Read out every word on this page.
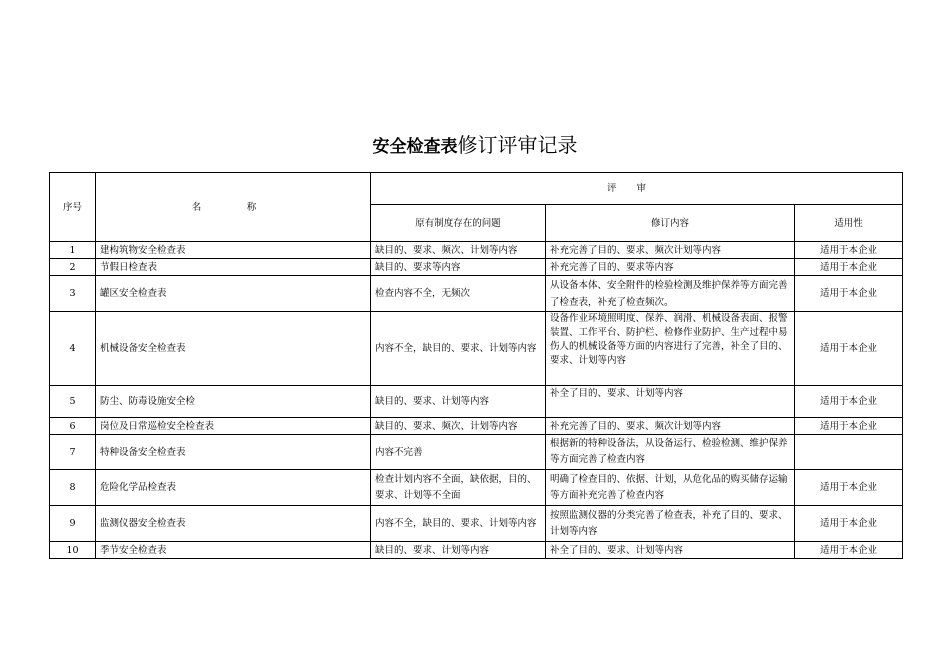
安全检查表修订评审记录
序号	名　称	评审		
		原有制度存在的问题	修订内容	适用性
1	建构筑物安全检查表	缺目的、要求、频次、计划等内容	补充完善了目的、要求、频次计划等内容	适用于本企业
2	节假日检查表	缺目的、要求等内容	补充完善了目的、要求等内容	适用于本企业
3	罐区安全检查表	检查内容不全，无频次	从设备本体、安全附件的检验检测及维护保养等方面完善了检查表，补充了检查频次。	适用于本企业
4	机械设备安全检查表	内容不全，缺目的、要求、计划等内容	设备作业环境照明度、保养、润滑、机械设备表面、报警装置、工作平台、防护栏、检修作业防护、生产过程中易伤人的机械设备等方面的内容进行了完善，补全了目的、要求、计划等内容	适用于本企业
5	防尘、防毒设施安全检	缺目的、要求、计划等内容	补全了目的、要求、计划等内容	适用于本企业
6	岗位及日常巡检安全检查表	缺目的、要求、频次、计划等内容	补充完善了目的、要求、频次计划等内容	适用于本企业
7	特种设备安全检查表	内容不完善	根据新的特种设备法，从设备运行、检验检测、维护保养等方面完善了检查内容	
8	危险化学品检查表	检查计划内容不全面，缺依据，目的、要求、计划等不全面	明确了检查目的、依据、计划，从危化品的购买储存运输等方面补充完善了检查内容	适用于本企业
9	监测仪器安全检查表	内容不全，缺目的、要求、计划等内容	按照监测仪器的分类完善了检查表，补充了目的、要求、计划等内容	适用于本企业
10	季节安全检查表	缺目的、要求、计划等内容	补全了目的、要求、计划等内容	适用于本企业
